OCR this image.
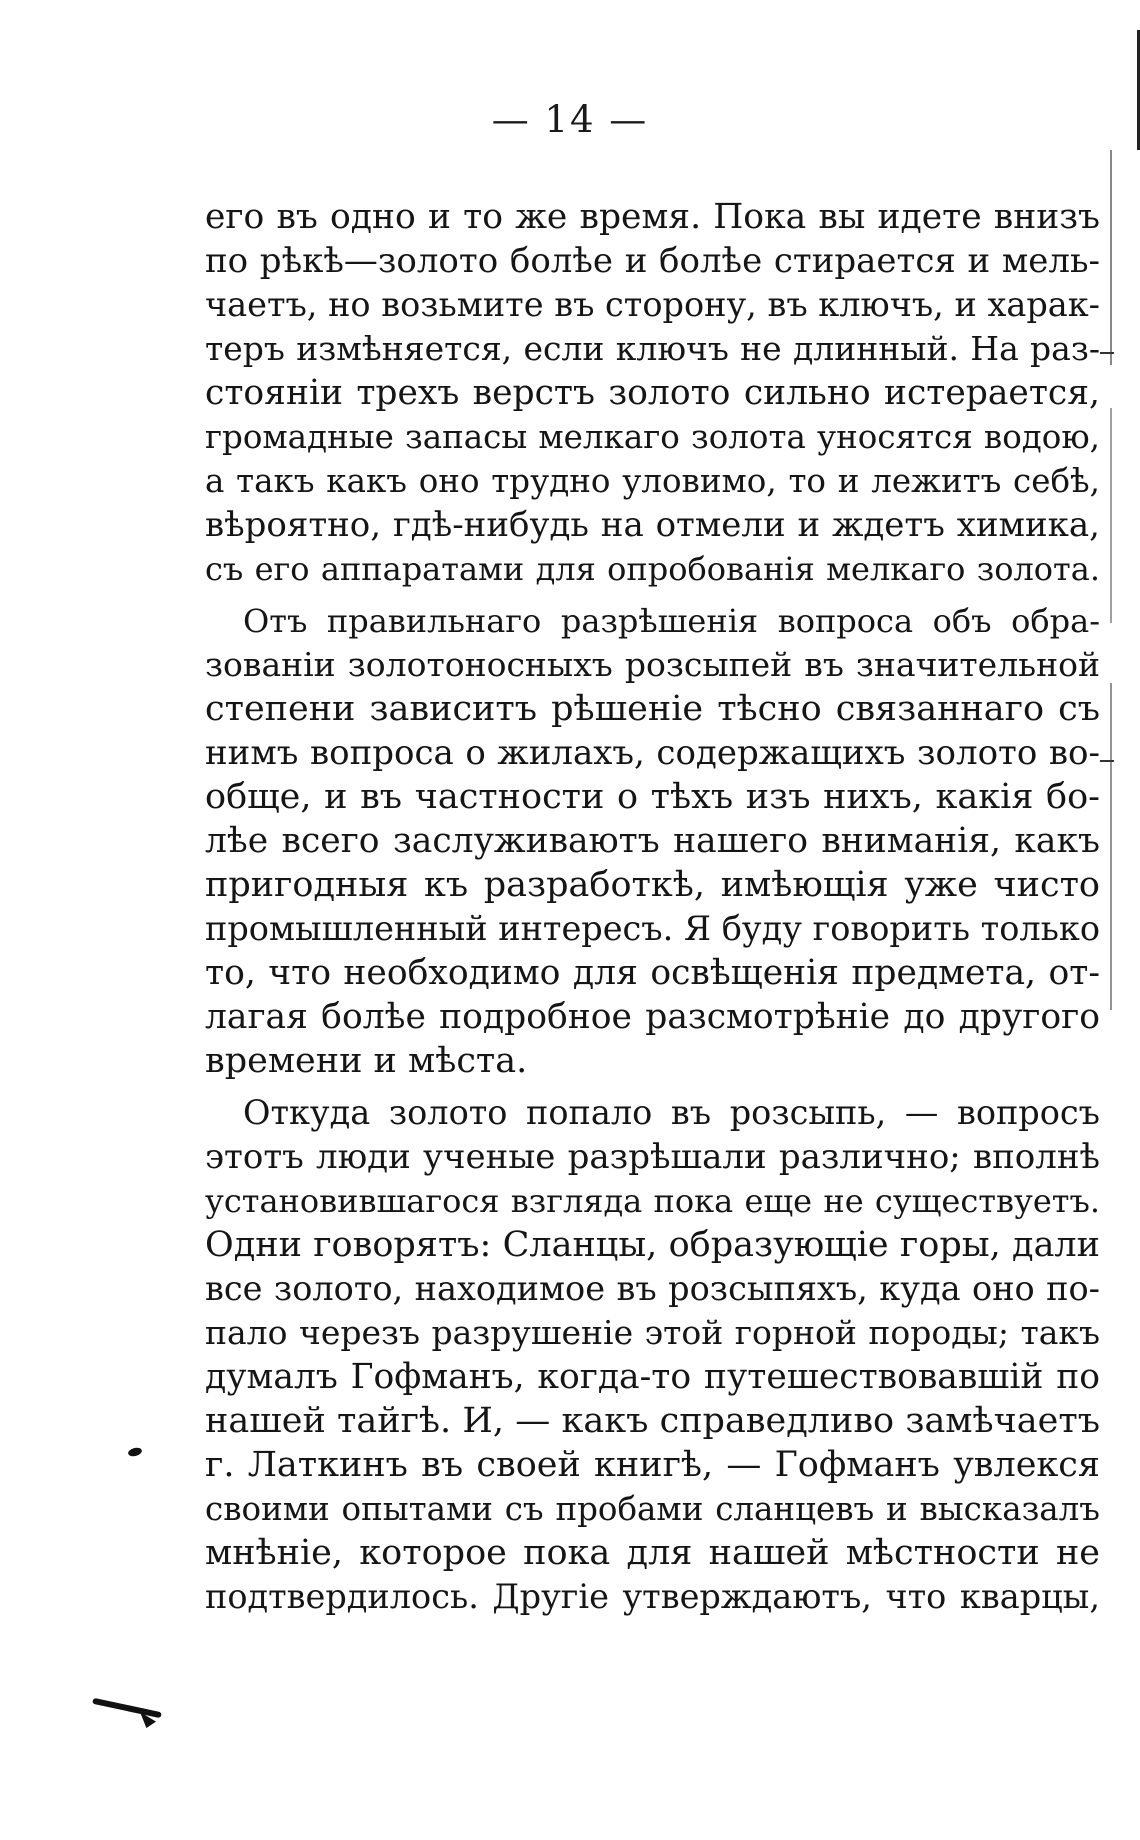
— 14 —
его въ одно и то же время. Пока вы идете внизъ
по рѣкѣ—золото болѣе и болѣе стирается и мель-
чаетъ, но возьмите въ сторону, въ ключъ, и харак-
теръ измѣняется, если ключъ не длинный. На раз-
стояніи трехъ верстъ золото сильно истерается,
громадные запасы мелкаго золота уносятся водою,
а такъ какъ оно трудно уловимо, то и лежитъ себѣ,
вѣроятно, гдѣ-нибудь на отмели и ждетъ химика,
съ его аппаратами для опробованія мелкаго золота.
Отъ правильнаго разрѣшенія вопроса объ обра-
зованіи золотоносныхъ розсыпей въ значительной
степени зависитъ рѣшеніе тѣсно связаннаго съ
нимъ вопроса о жилахъ, содержащихъ золото во-
обще, и въ частности о тѣхъ изъ нихъ, какія бо-
лѣе всего заслуживаютъ нашего вниманія, какъ
пригодныя къ разработкѣ, имѣющія уже чисто
промышленный интересъ. Я буду говорить только
то, что необходимо для освѣщенія предмета, от-
лагая болѣе подробное разсмотрѣніе до другого
времени и мѣста.
Откуда золото попало въ розсыпь, — вопросъ
этотъ люди ученые разрѣшали различно; вполнѣ
установившагося взгляда пока еще не существуетъ.
Одни говорятъ: Сланцы, образующіе горы, дали
все золото, находимое въ розсыпяхъ, куда оно по-
пало черезъ разрушеніе этой горной породы; такъ
думалъ Гофманъ, когда-то путешествовавшій по
нашей тайгѣ. И, — какъ справедливо замѣчаетъ
г. Латкинъ въ своей книгѣ, — Гофманъ увлекся
своими опытами съ пробами сланцевъ и высказалъ
мнѣніе, которое пока для нашей мѣстности не
подтвердилось. Другіе утверждаютъ, что кварцы,
